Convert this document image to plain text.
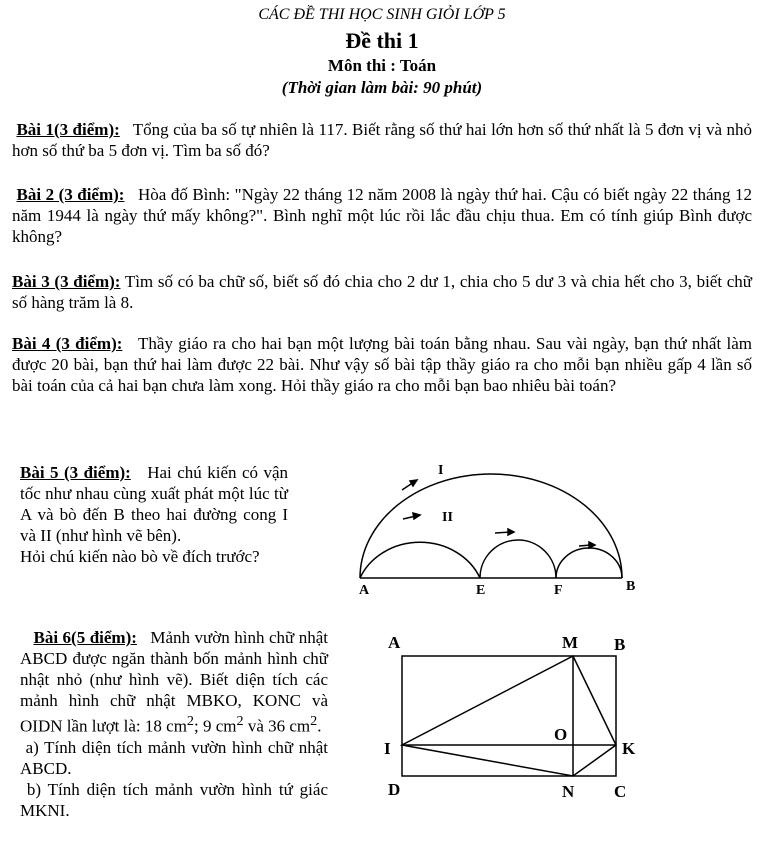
CÁC ĐỀ THI HỌC SINH GIỎI LỚP 5
Đề thi 1
Môn thi : Toán
(Thời gian làm bài: 90 phút)
Bài 1(3 điểm): Tổng của ba số tự nhiên là 117. Biết rằng số thứ hai lớn hơn số thứ nhất là 5 đơn vị và nhỏ hơn số thứ ba 5 đơn vị. Tìm ba số đó?
Bài 2 (3 điểm): Hòa đố Bình: "Ngày 22 tháng 12 năm 2008 là ngày thứ hai. Cậu có biết ngày 22 tháng 12 năm 1944 là ngày thứ mấy không?". Bình nghĩ một lúc rồi lắc đầu chịu thua. Em có tính giúp Bình được không?
Bài 3 (3 điểm): Tìm số có ba chữ số, biết số đó chia cho 2 dư 1, chia cho 5 dư 3 và chia hết cho 3, biết chữ số hàng trăm là 8.
Bài 4 (3 điểm): Thầy giáo ra cho hai bạn một lượng bài toán bằng nhau. Sau vài ngày, bạn thứ nhất làm được 20 bài, bạn thứ hai làm được 22 bài. Như vậy số bài tập thầy giáo ra cho mỗi bạn nhiều gấp 4 lần số bài toán của cả hai bạn chưa làm xong. Hỏi thầy giáo ra cho mỗi bạn bao nhiêu bài toán?
Bài 5 (3 điểm): Hai chú kiến có vận tốc như nhau cùng xuất phát một lúc từ A và bò đến B theo hai đường cong I và II (như hình vẽ bên).
Hỏi chú kiến nào bò về đích trước?
Bài 6(5 điểm): Mảnh vườn hình chữ nhật ABCD được ngăn thành bốn mảnh hình chữ nhật nhỏ (như hình vẽ). Biết diện tích các mảnh hình chữ nhật MBKO, KONC và OIDN lần lượt là: 18 $cm^2$; 9 $cm^2$ và 36 $cm^2$.
a) Tính diện tích mảnh vườn hình chữ nhật ABCD.
b) Tính diện tích mảnh vườn hình tứ giác MKNI.
I
II
A	E	F	B
A	M B
I
O
K
D	N C
